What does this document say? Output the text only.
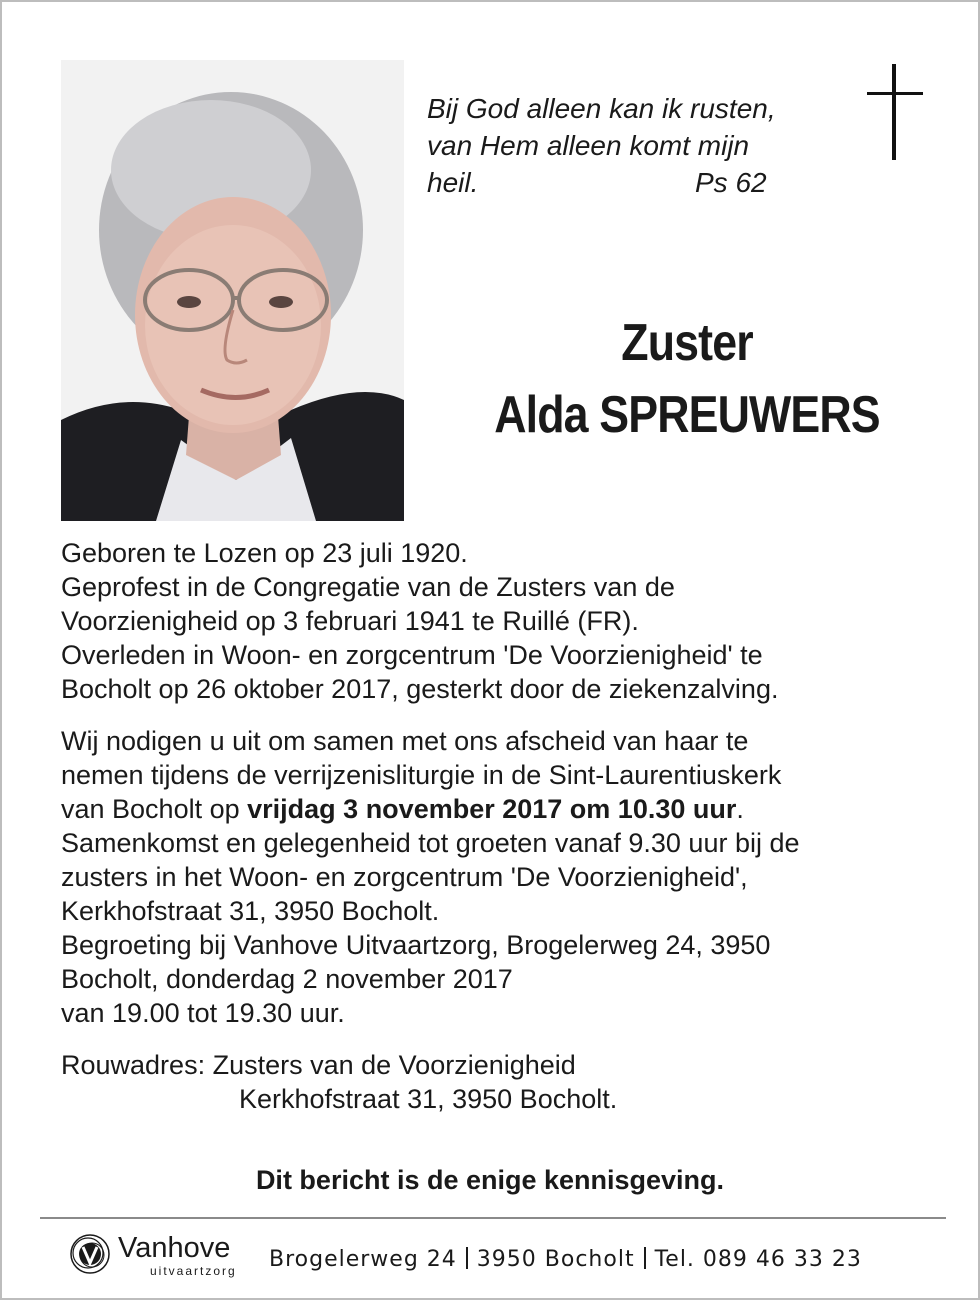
Bij God alleen kan ik rusten,
van Hem alleen komt mijn
heil.	Ps 62
Zuster
Alda SPREUWERS

Geboren te Lozen op 23 juli 1920.

Geprofest in de Congregatie van de Zusters van de

Voorzienigheid op 3 februari 1941 te Ruillé (FR).

Overleden in Woon- en zorgcentrum 'De Voorzienigheid' te

Bocholt op 26 oktober 2017, gesterkt door de ziekenzalving.

Wij nodigen u uit om samen met ons afscheid van haar te

nemen tijdens de verrijzenisliturgie in de Sint-Laurentiuskerk

van Bocholt op vrijdag 3 november 2017 om 10.30 uur.

Samenkomst en gelegenheid tot groeten vanaf 9.30 uur bij de

zusters in het Woon- en zorgcentrum 'De Voorzienigheid',

Kerkhofstraat 31, 3950 Bocholt.

Begroeting bij Vanhove Uitvaartzorg, Brogelerweg 24, 3950

Bocholt, donderdag 2 november 2017

van 19.00 tot 19.30 uur.

Rouwadres: Zusters van de Voorzienigheid

Kerkhofstraat 31, 3950 Bocholt.

Dit bericht is de enige kennisgeving.
Vanhove
uitvaartzorg Brogelerweg 24 3950 Bocholt Tel. 089 46 33 23
